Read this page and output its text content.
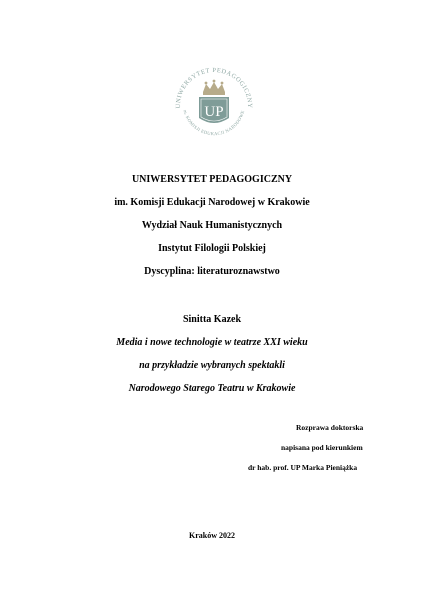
UNIWERSYTET PEDAGOGICZNY
m. KOMISJI EDUKACJI NARODOWE
UP
UNIWERSYTET PEDAGOGICZNY
im. Komisji Edukacji Narodowej w Krakowie
Wydział Nauk Humanistycznych
Instytut Filologii Polskiej
Dyscyplina: literaturoznawstwo
Sinitta Kazek
Media i nowe technologie w teatrze XXI wieku
na przykładzie wybranych spektakli
Narodowego Starego Teatru w Krakowie
Rozprawa doktorska
napisana pod kierunkiem
dr hab. prof. UP Marka Pieniążka
Kraków 2022
